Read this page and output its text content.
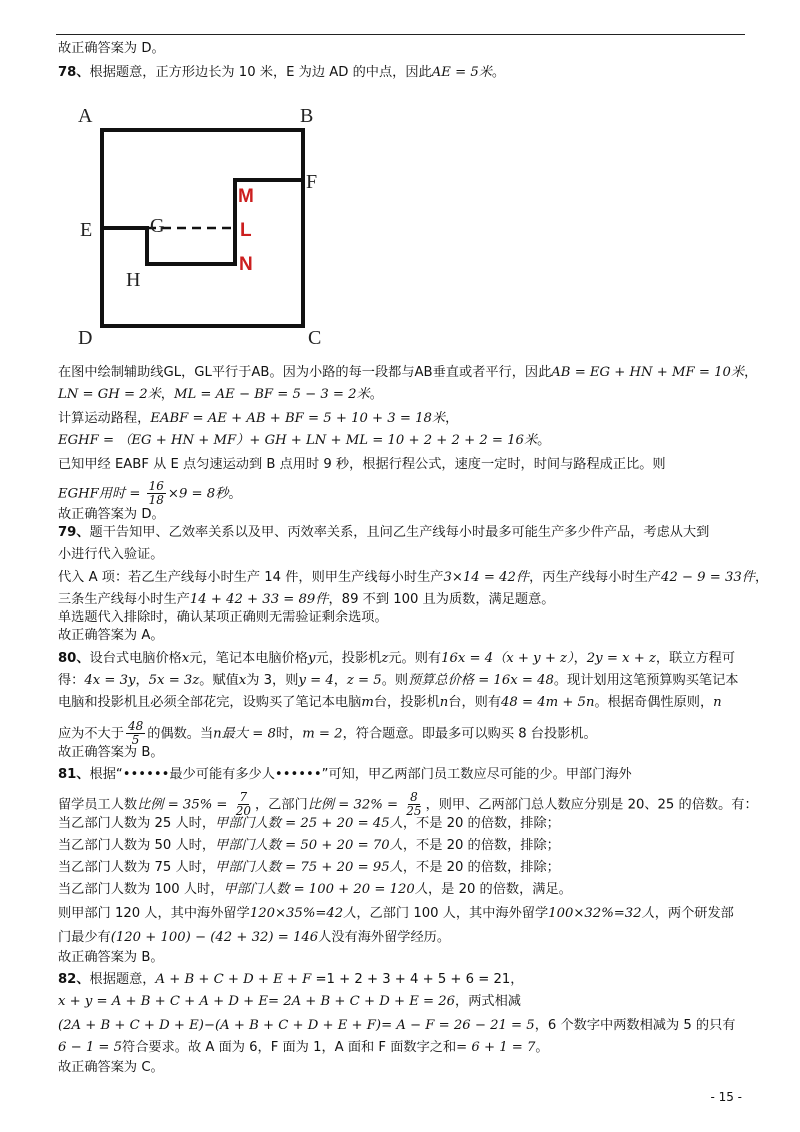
A	B
C
D
E
F
G
H
M
L
N
故正确答案为 D。
78、根据题意，正方形边长为 10 米，E 为边 AD 的中点，因此AE = 5米。
在图中绘制辅助线GL，GL平行于AB。因为小路的每一段都与AB垂直或者平行，因此AB = EG + HN + MF = 10米，
LN = GH = 2米，ML = AE − BF = 5 − 3 = 2米。
计算运动路程，EABF = AE + AB + BF = 5 + 10 + 3 = 18米，
EGHF = （EG + HN + MF）+ GH + LN + ML = 10 + 2 + 2 + 2 = 16米。
已知甲经 EABF 从 E 点匀速运动到 B 点用时 9 秒，根据行程公式，速度一定时，时间与路程成正比。则
EGHF用时 = $\frac{16}{18} \times 9 = 8$秒。
故正确答案为 D。
79、题干告知甲、乙效率关系以及甲、丙效率关系，且问乙生产线每小时最多可能生产多少件产品，考虑从大到
小进行代入验证。
代入 A 项：若乙生产线每小时生产 14 件，则甲生产线每小时生产3×14 = 42件，丙生产线每小时生产42 − 9 = 33件，
三条生产线每小时生产14 + 42 + 33 = 89件，89 不到 100 且为质数，满足题意。
单选题代入排除时，确认某项正确则无需验证剩余选项。
故正确答案为 A。
80、设台式电脑价格x元，笔记本电脑价格y元，投影机z元。则有16x = 4（x + y + z），2y = x + z，联立方程可
得：4x = 3y，5x = 3z。赋值x为 3，则y = 4，z = 5。则预算总价格 = 16x = 48。现计划用这笔预算购买笔记本
电脑和投影机且必须全部花完，设购买了笔记本电脑m台，投影机n台，则有48 = 4m + 5n。根据奇偶性原则，n
应为不大于 $\frac{48}{5}$ 的偶数。当n最大 = 8时，m = 2，符合题意。即最多可以购买 8 台投影机。
故正确答案为 B。
81、根据“••••••最少可能有多少人••••••”可知，甲乙两部门员工数应尽可能的少。甲部门海外
留学员工人数比例 = $35\% = \frac{7}{20}$ ，乙部门比例 = $32\% = \frac{8}{25}$ ，则甲、乙两部门总人数应分别是 20、25 的倍数。有：
当乙部门人数为 25 人时，甲部门人数 = 25 + 20 = 45人，不是 20 的倍数，排除；
当乙部门人数为 50 人时，甲部门人数 = 50 + 20 = 70人，不是 20 的倍数，排除；
当乙部门人数为 75 人时，甲部门人数 = 75 + 20 = 95人，不是 20 的倍数，排除；
当乙部门人数为 100 人时，甲部门人数 = 100 + 20 = 120人，是 20 的倍数，满足。
则甲部门 120 人，其中海外留学120×35%=42人，乙部门 100 人，其中海外留学100×32%=32人，两个研发部
门最少有(120 + 100) − (42 + 32) = 146人没有海外留学经历。
故正确答案为 B。
82、根据题意，A + B + C + D + E + F =1 + 2 + 3 + 4 + 5 + 6 = 21，
x + y = A + B + C + A + D + E= 2A + B + C + D + E = 26，两式相减
(2A + B + C + D + E)−(A + B + C + D + E + F)= A − F = 26 − 21 = 5，6 个数字中两数相减为 5 的只有
6 − 1 = 5符合要求。故 A 面为 6，F 面为 1，A 面和 F 面数字之和= 6 + 1 = 7。
故正确答案为 C。
- 15 -
